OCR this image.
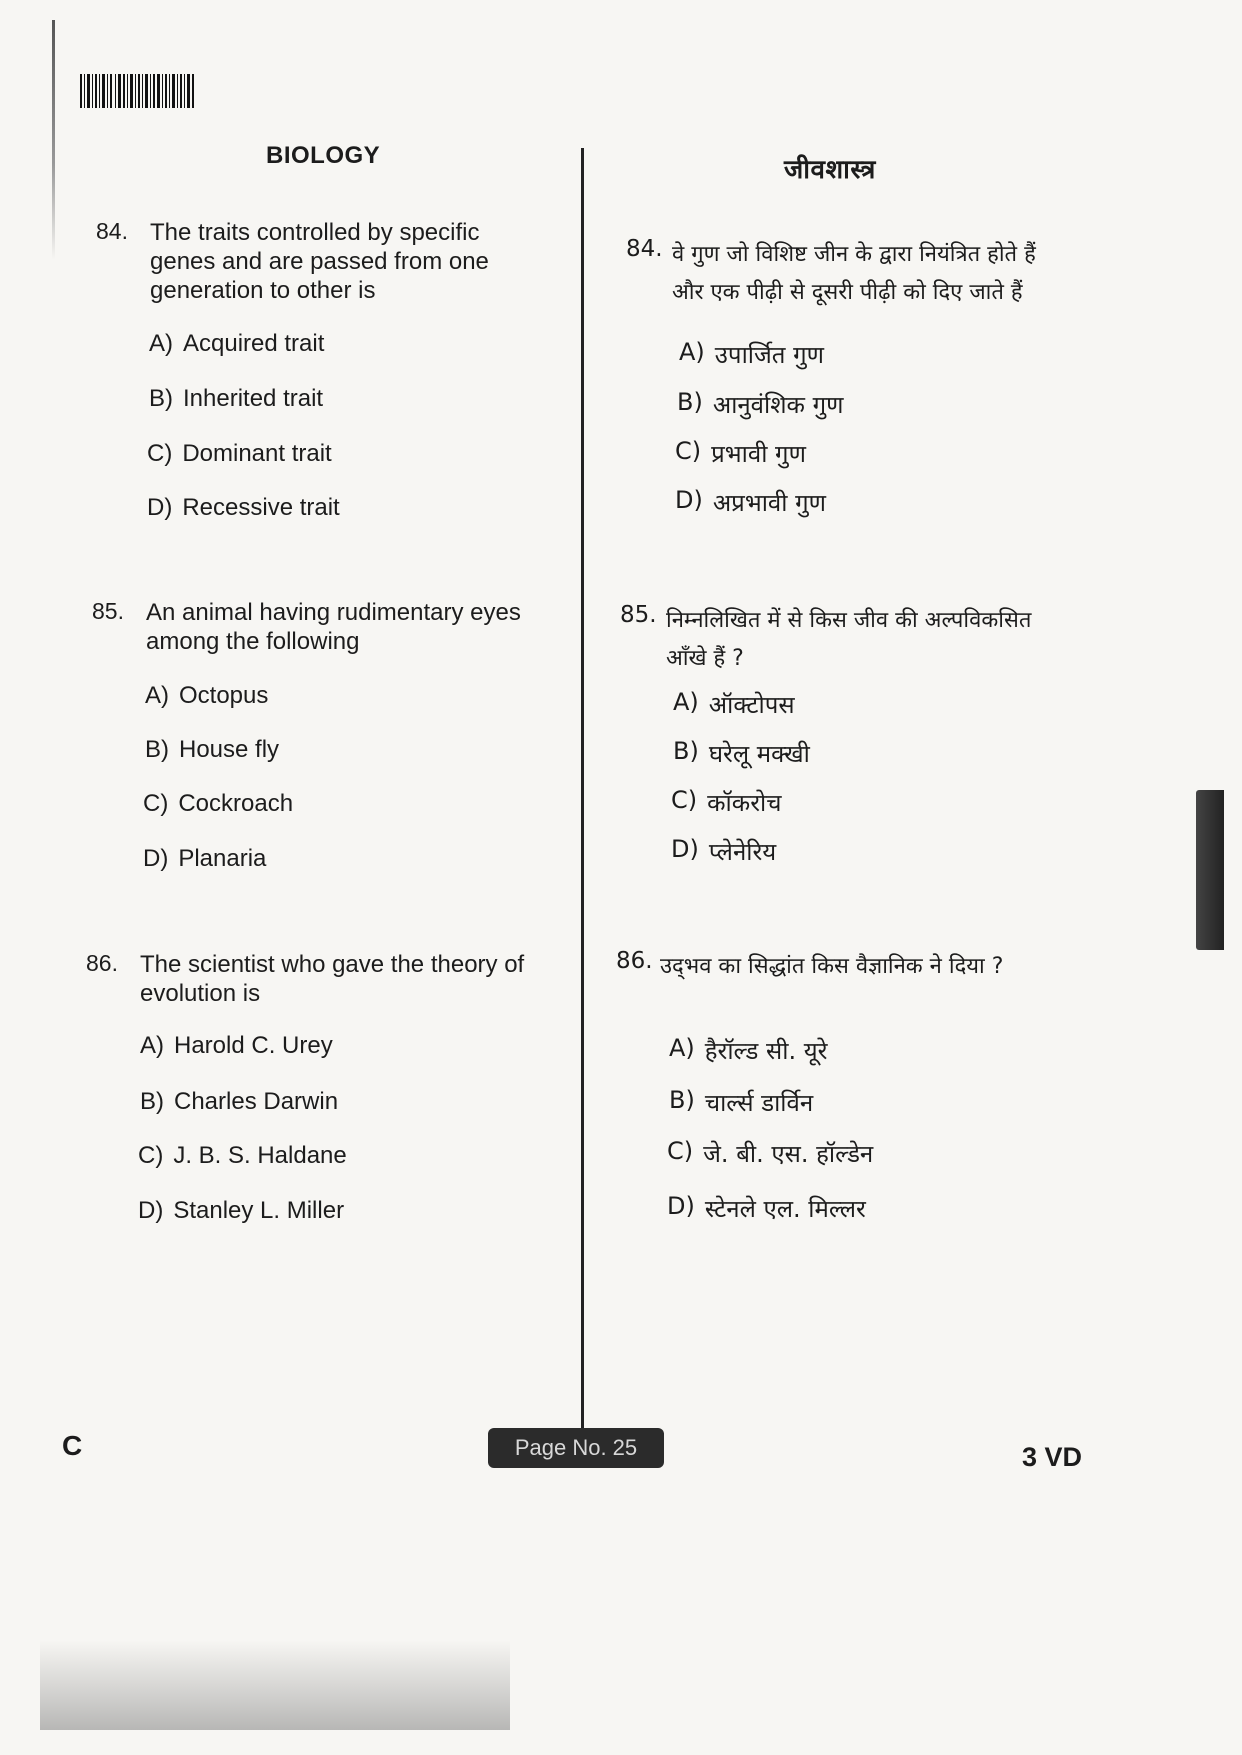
BIOLOGY	जीवशास्त्र
84. The traits controlled by specific
genes and are passed from one
generation to other is
A) Acquired trait
B) Inherited trait
C) Dominant trait
D) Recessive trait
85. An animal having rudimentary eyes
among the following
A) Octopus
B) House fly
C) Cockroach
D) Planaria
86. The scientist who gave the theory of
evolution is
A) Harold C. Urey
B) Charles Darwin
C) J. B. S. Haldane
D) Stanley L. Miller
84. वे गुण जो विशिष्ट जीन के द्वारा नियंत्रित होते हैं
और एक पीढ़ी से दूसरी पीढ़ी को दिए जाते हैं
A) उपार्जित गुण
B) आनुवंशिक गुण
C) प्रभावी गुण
D) अप्रभावी गुण
85. निम्नलिखित में से किस जीव की अल्पविकसित
आँखे हैं ?
A) ऑक्टोपस
B) घरेलू मक्खी
C) कॉकरोच
D) प्लेनेरिय
86. उद्‌भव का सिद्धांत किस वैज्ञानिक ने दिया ?
A) हैरॉल्ड सी. यूरे
B) चार्ल्स डार्विन
C) जे. बी. एस. हॉल्डेन
D) स्टेनले एल. मिल्लर
C	Page No. 25	3 VD
